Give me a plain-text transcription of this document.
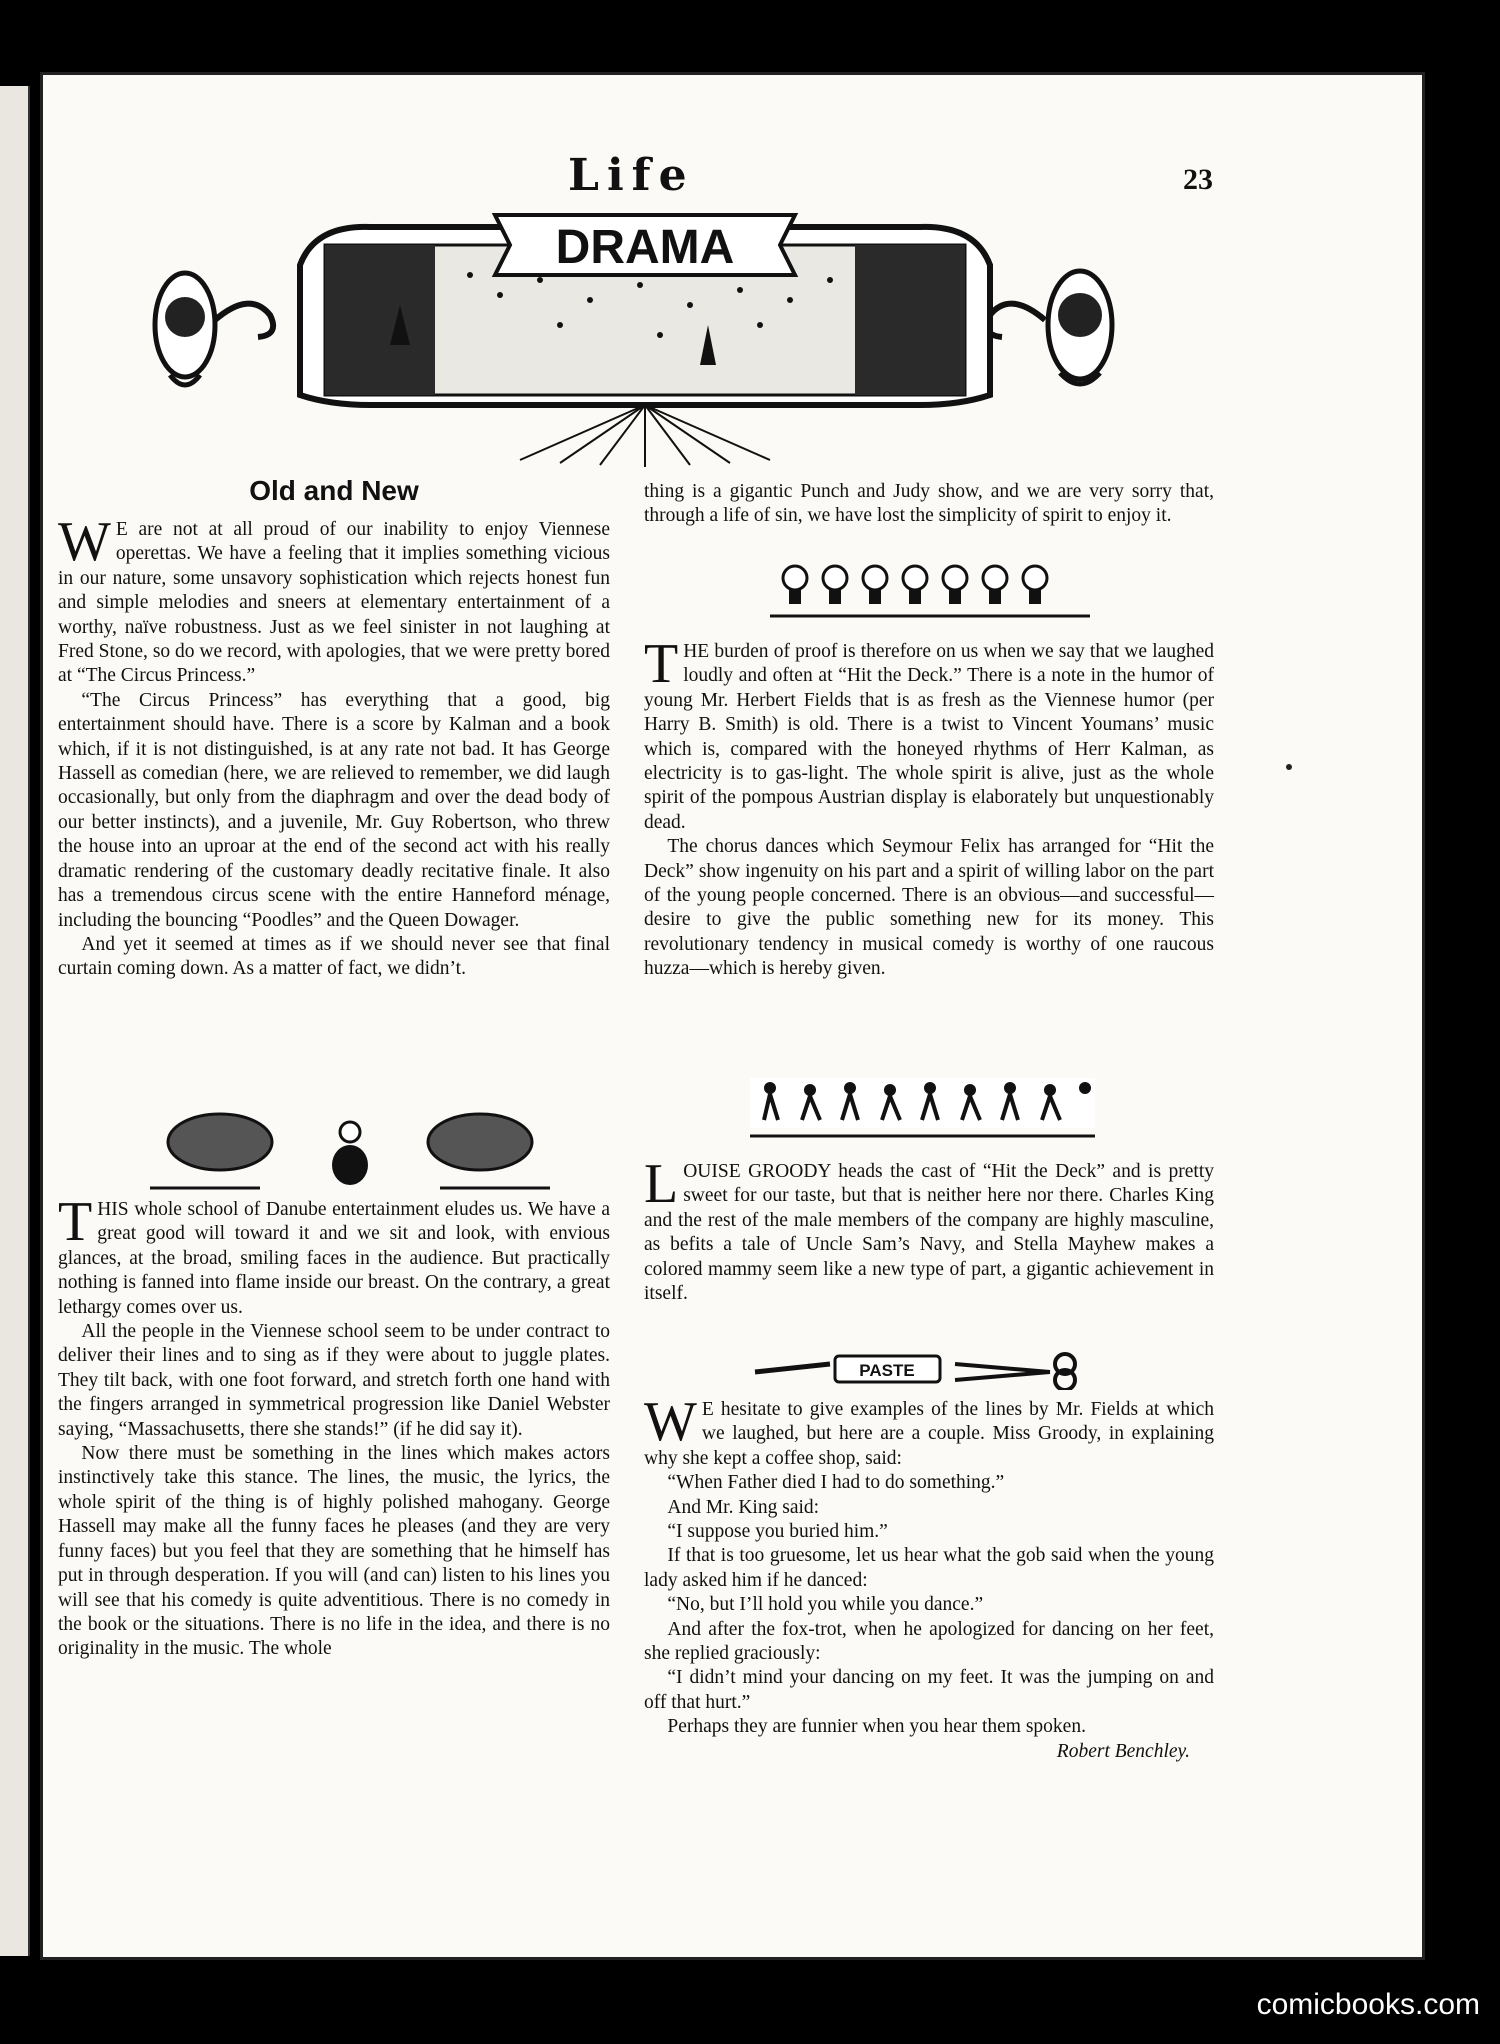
Life	23
DRAMA
Old and New

W E are not at all proud of our inability to enjoy Viennese operettas. We have a feeling that it implies something vicious in our nature, some unsavory sophistication which rejects honest fun and simple melodies and sneers at elementary entertainment of a worthy, naïve robustness. Just as we feel sinister in not laughing at Fred Stone, so do we record, with apologies, that we were pretty bored at “The Circus Princess.”

“The Circus Princess” has everything that a good, big entertainment should have. There is a score by Kalman and a book which, if it is not distinguished, is at any rate not bad. It has George Hassell as comedian (here, we are relieved to remember, we did laugh occasionally, but only from the diaphragm and over the dead body of our better instincts), and a juvenile, Mr. Guy Robertson, who threw the house into an uproar at the end of the second act with his really dramatic rendering of the customary deadly recitative finale. It also has a tremendous circus scene with the entire Hanneford ménage, including the bouncing “Poodles” and the Queen Dowager.

And yet it seemed at times as if we should never see that final curtain coming down. As a matter of fact, we didn’t.

THIS whole school of Danube entertainment eludes us. We have a great good will toward it and we sit and look, with envious glances, at the broad, smiling faces in the audience. But practically nothing is fanned into flame inside our breast. On the contrary, a great lethargy comes over us.

All the people in the Viennese school seem to be under contract to deliver their lines and to sing as if they were about to juggle plates. They tilt back, with one foot forward, and stretch forth one hand with the fingers arranged in symmetrical progression like Daniel Webster saying, “Massachusetts, there she stands!” (if he did say it).

Now there must be something in the lines which makes actors instinctively take this stance. The lines, the music, the lyrics, the whole spirit of the thing is of highly polished mahogany. George Hassell may make all the funny faces he pleases (and they are very funny faces) but you feel that they are something that he himself has put in through desperation. If you will (and can) listen to his lines you will see that his comedy is quite adventitious. There is no comedy in the book or the situations. There is no life in the idea, and there is no originality in the music. The whole

thing is a gigantic Punch and Judy show, and we are very sorry that, through a life of sin, we have lost the simplicity of spirit to enjoy it.

THE burden of proof is therefore on us when we say that we laughed loudly and often at “Hit the Deck.” There is a note in the humor of young Mr. Herbert Fields that is as fresh as the Viennese humor (per Harry B. Smith) is old. There is a twist to Vincent Youmans’ music which is, compared with the honeyed rhythms of Herr Kalman, as electricity is to gas-light. The whole spirit is alive, just as the whole spirit of the pompous Austrian display is elaborately but unquestionably dead.

The chorus dances which Seymour Felix has arranged for “Hit the Deck” show ingenuity on his part and a spirit of willing labor on the part of the young people concerned. There is an obvious—and successful—desire to give the public something new for its money. This revolutionary tendency in musical comedy is worthy of one raucous huzza—which is hereby given.

LOUISE GROODY heads the cast of “Hit the Deck” and is pretty sweet for our taste, but that is neither here nor there. Charles King and the rest of the male members of the company are highly masculine, as befits a tale of Uncle Sam’s Navy, and Stella Mayhew makes a colored mammy seem like a new type of part, a gigantic achievement in itself.

PASTE

W E hesitate to give examples of the lines by Mr. Fields at which we laughed, but here are a couple. Miss Groody, in explaining why she kept a coffee shop, said:

“When Father died I had to do something.”

And Mr. King said:

“I suppose you buried him.”

If that is too gruesome, let us hear what the gob said when the young lady asked him if he danced:

“No, but I’ll hold you while you dance.”

And after the fox-trot, when he apologized for dancing on her feet, she replied graciously:

“I didn’t mind your dancing on my feet. It was the jumping on and off that hurt.”

Perhaps they are funnier when you hear them spoken.

Robert Benchley.
comicbooks.com
